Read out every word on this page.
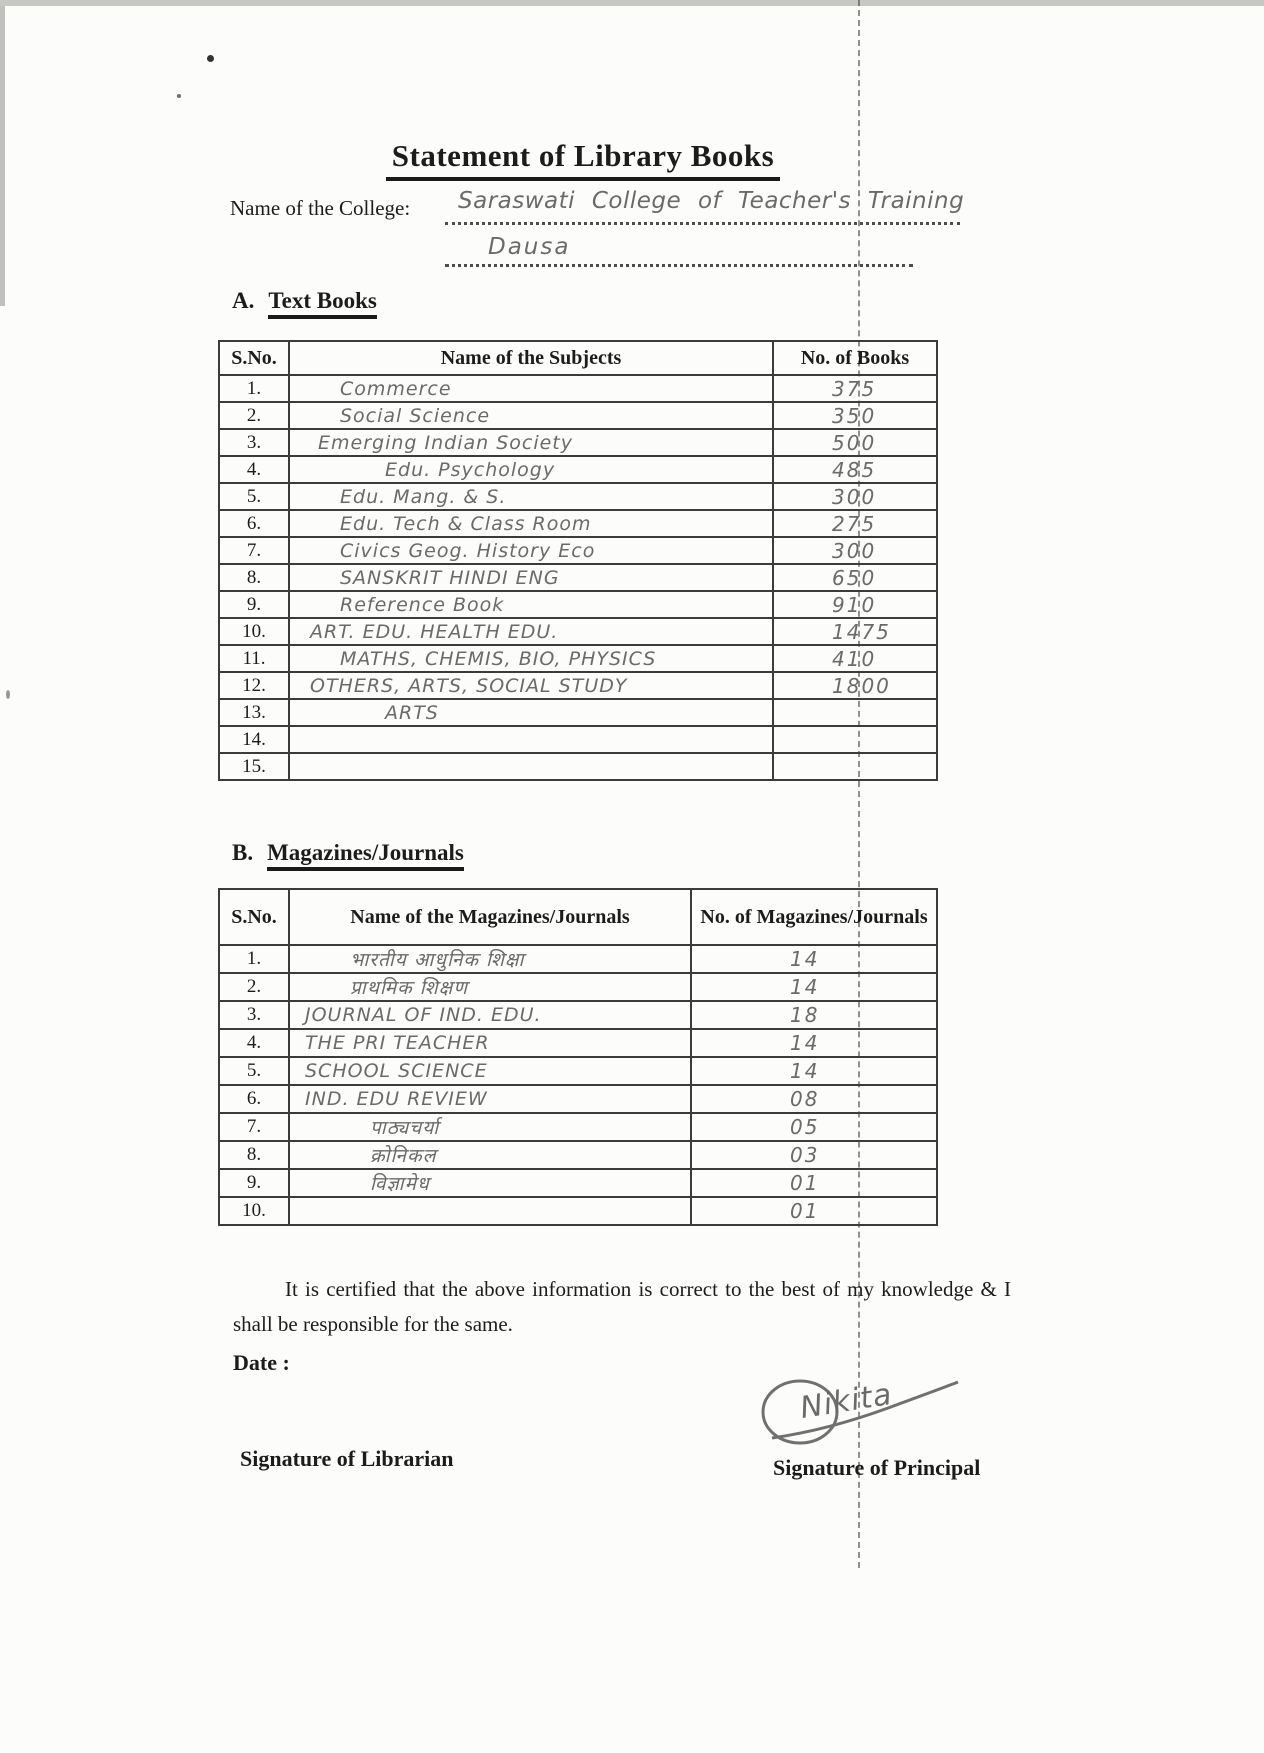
Statement of Library Books
Name of the College: Saraswati College of Teacher's Training
Dausa
A. Text Books
S.No.	Name of the Subjects	No. of Books
1.	Commerce	375
2.	Social Science	350
3.	Emerging Indian Society	500
4.	Edu. Psychology	485
5.	Edu. Mang. & S.	300
6.	Edu. Tech & Class Room	275
7.	Civics Geog. History Eco	300
8.	SANSKRIT HINDI ENG	650
9.	Reference Book	910
10.	ART. EDU. HEALTH EDU.	1475
11.	MATHS, CHEMIS, BIO, PHYSICS	410
12.	OTHERS, ARTS, SOCIAL STUDY	1800
13.	ARTS	
14.		
15.		
B. Magazines/Journals
S.No.	Name of the Magazines/Journals	No. of Magazines/Journals
1.	भारतीय आधुनिक शिक्षा	14
2.	प्राथमिक शिक्षण	14
3.	JOURNAL OF IND. EDU.	18
4.	THE PRI TEACHER	14
5.	SCHOOL SCIENCE	14
6.	IND. EDU REVIEW	08
7.	पाठ्यचर्या	05
8.	क्रोनिकल	03
9.	विज्ञामेध	01
10.		01
It is certified that the above information is correct to the best of my knowledge & I shall be responsible for the same.
Date :
Nikita
Signature of Librarian	Signature of Principal
